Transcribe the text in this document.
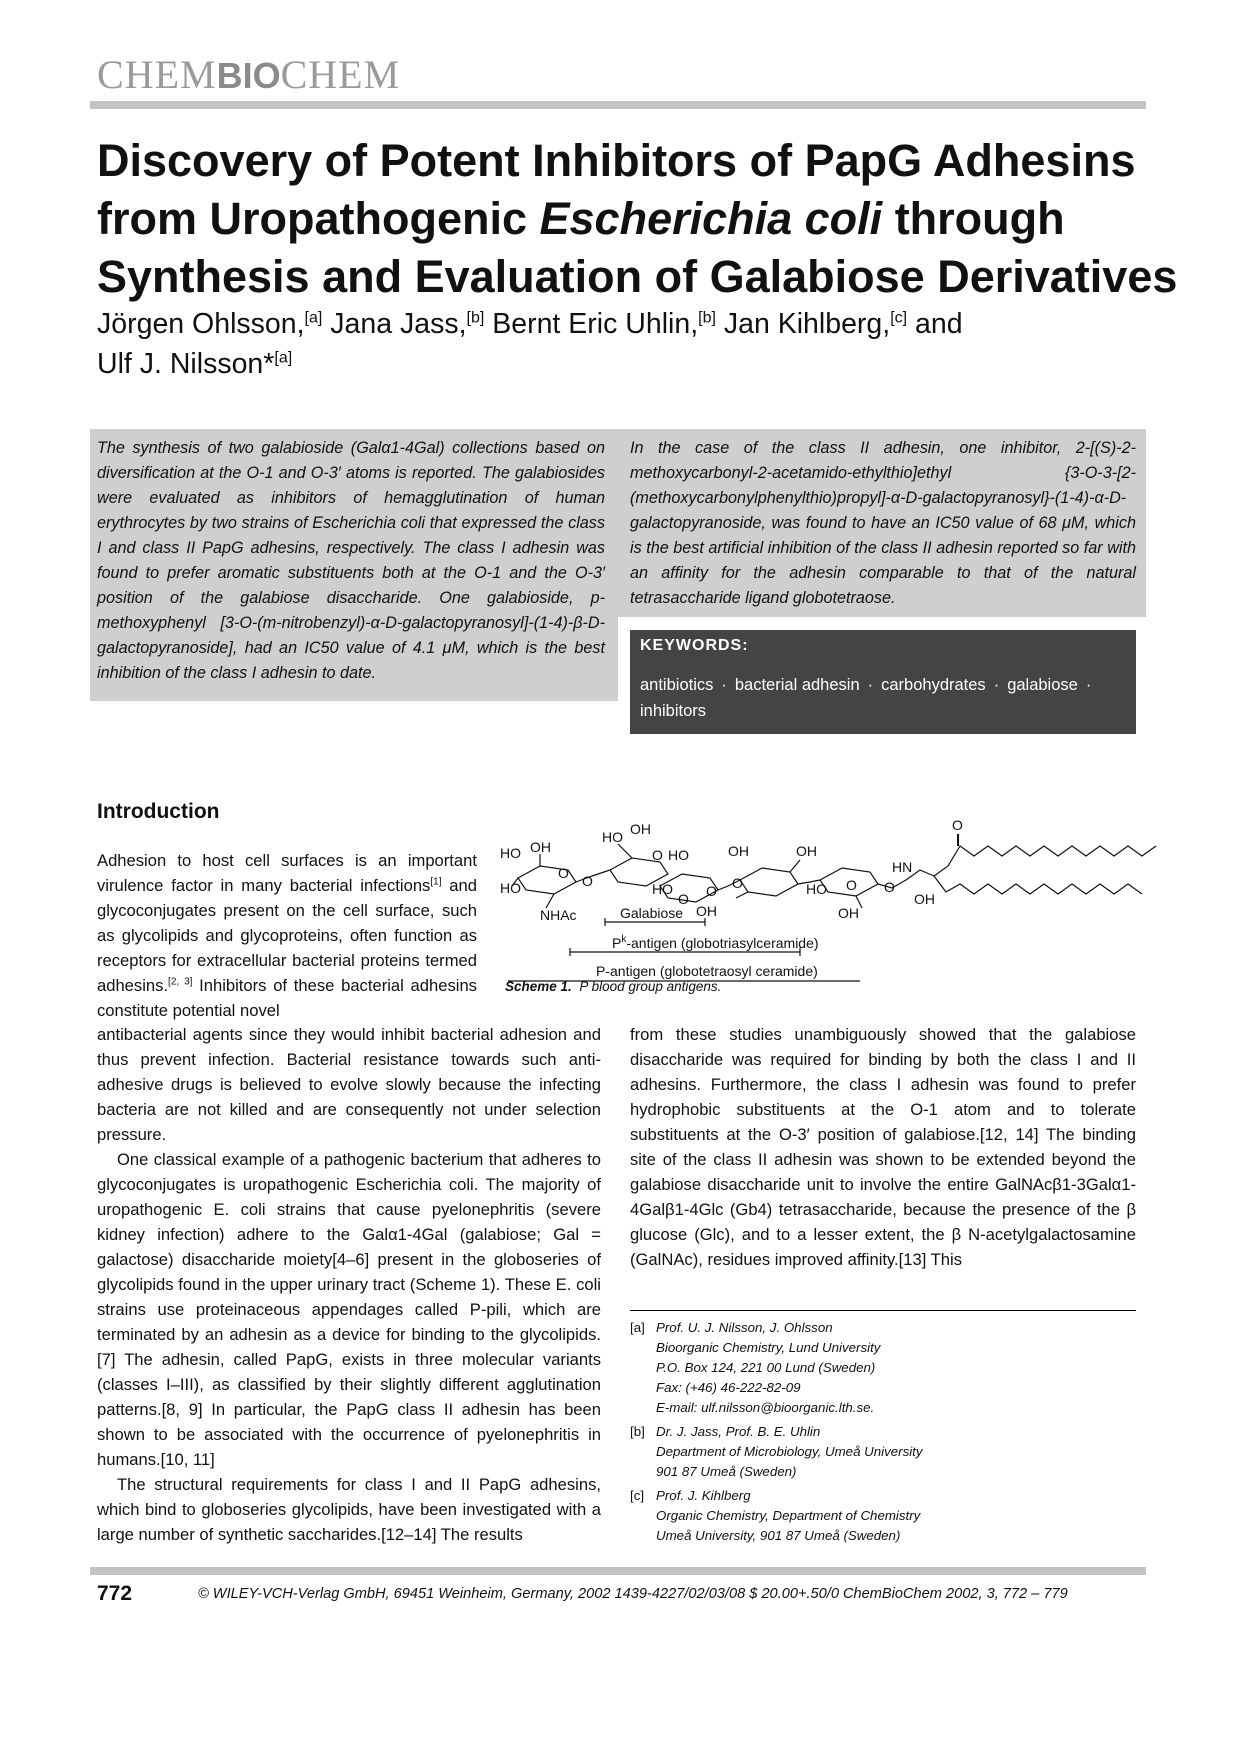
CHEMBIOCHEM
Discovery of Potent Inhibitors of PapG Adhesins
from Uropathogenic Escherichia coli through
Synthesis and Evaluation of Galabiose Derivatives
Jörgen Ohlsson,[a] Jana Jass,[b] Bernt Eric Uhlin,[b] Jan Kihlberg,[c] and
Ulf J. Nilsson*[a]
The synthesis of two galabioside (Galα1-4Gal) collections based on diversification at the O-1 and O-3′ atoms is reported. The galabiosides were evaluated as inhibitors of hemagglutination of human erythrocytes by two strains of Escherichia coli that expressed the class I and class II PapG adhesins, respectively. The class I adhesin was found to prefer aromatic substituents both at the O-1 and the O-3′ position of the galabiose disaccharide. One galabioside, p-methoxyphenyl [3-O-(m-nitrobenzyl)-α-D-galactopyranosyl]-(1-4)-β-D-galactopyranoside], had an IC50 value of 4.1 μM, which is the best inhibition of the class I adhesin to date.
In the case of the class II adhesin, one inhibitor, 2-[(S)-2-methoxycarbonyl-2-acetamido-ethylthio]ethyl {3-O-3-[2-(methoxycarbonylphenylthio)propyl]-α-D-galactopyranosyl}-(1-4)-α-D-galactopyranoside, was found to have an IC50 value of 68 μM, which is the best artificial inhibition of the class II adhesin reported so far with an affinity for the adhesin comparable to that of the natural tetrasaccharide ligand globotetraose.
KEYWORDS:
antibiotics · bacterial adhesin · carbohydrates · galabiose ·
inhibitors
Introduction
Adhesion to host cell surfaces is an important virulence factor in many bacterial infections[1] and glycoconjugates present on the cell surface, such as glycolipids and glycoproteins, often function as receptors for extracellular bacterial proteins termed adhesins.[2, 3] Inhibitors of these bacterial adhesins constitute potential novel

antibacterial agents since they would inhibit bacterial adhesion and thus prevent infection. Bacterial resistance towards such anti-adhesive drugs is believed to evolve slowly because the infecting bacteria are not killed and are consequently not under selection pressure.

One classical example of a pathogenic bacterium that adheres to glycoconjugates is uropathogenic Escherichia coli. The majority of uropathogenic E. coli strains that cause pyelonephritis (severe kidney infection) adhere to the Galα1-4Gal (galabiose; Gal = galactose) disaccharide moiety[4–6] present in the globoseries of glycolipids found in the upper urinary tract (Scheme 1). These E. coli strains use proteinaceous appendages called P-pili, which are terminated by an adhesin as a device for binding to the glycolipids.[7] The adhesin, called PapG, exists in three molecular variants (classes I–III), as classified by their slightly different agglutination patterns.[8, 9] In particular, the PapG class II adhesin has been shown to be associated with the occurrence of pyelonephritis in humans.[10, 11]

The structural requirements for class I and II PapG adhesins, which bind to globoseries glycolipids, have been investigated with a large number of synthetic saccharides.[12–14] The results

from these studies unambiguously showed that the galabiose disaccharide was required for binding by both the class I and II adhesins. Furthermore, the class I adhesin was found to prefer hydrophobic substituents at the O-1 atom and to tolerate substituents at the O-3′ position of galabiose.[12, 14] The binding site of the class II adhesin was shown to be extended beyond the galabiose disaccharide unit to involve the entire GalNAcβ1-3Galα1-4Galβ1-4Glc (Gb4) tetrasaccharide, because the presence of the β glucose (Glc), and to a lesser extent, the β N-acetylgalactosamine (GalNAc), residues improved affinity.[13] This
HO OH
HO
O O
NHAc
HO OH
O HO
HO
O O
OH
OH
O
OH
HO O
OH
O
O
HN
OH
Galabiose
$P^k$-antigen (globotriasylceramide)
P-antigen (globotetraosyl ceramide)
Scheme 1. P blood group antigens.
[a] Prof. U. J. Nilsson, J. Ohlsson
Bioorganic Chemistry, Lund University
P.O. Box 124, 221 00 Lund (Sweden)
Fax: (+46) 46-222-82-09
E-mail: ulf.nilsson@bioorganic.lth.se.
[b] Dr. J. Jass, Prof. B. E. Uhlin
Department of Microbiology, Umeå University
901 87 Umeå (Sweden)
[c] Prof. J. Kihlberg
Organic Chemistry, Department of Chemistry
Umeå University, 901 87 Umeå (Sweden)
772	© WILEY-VCH-Verlag GmbH, 69451 Weinheim, Germany, 2002 1439-4227/02/03/08 $ 20.00+.50/0 ChemBioChem 2002, 3, 772 – 779
